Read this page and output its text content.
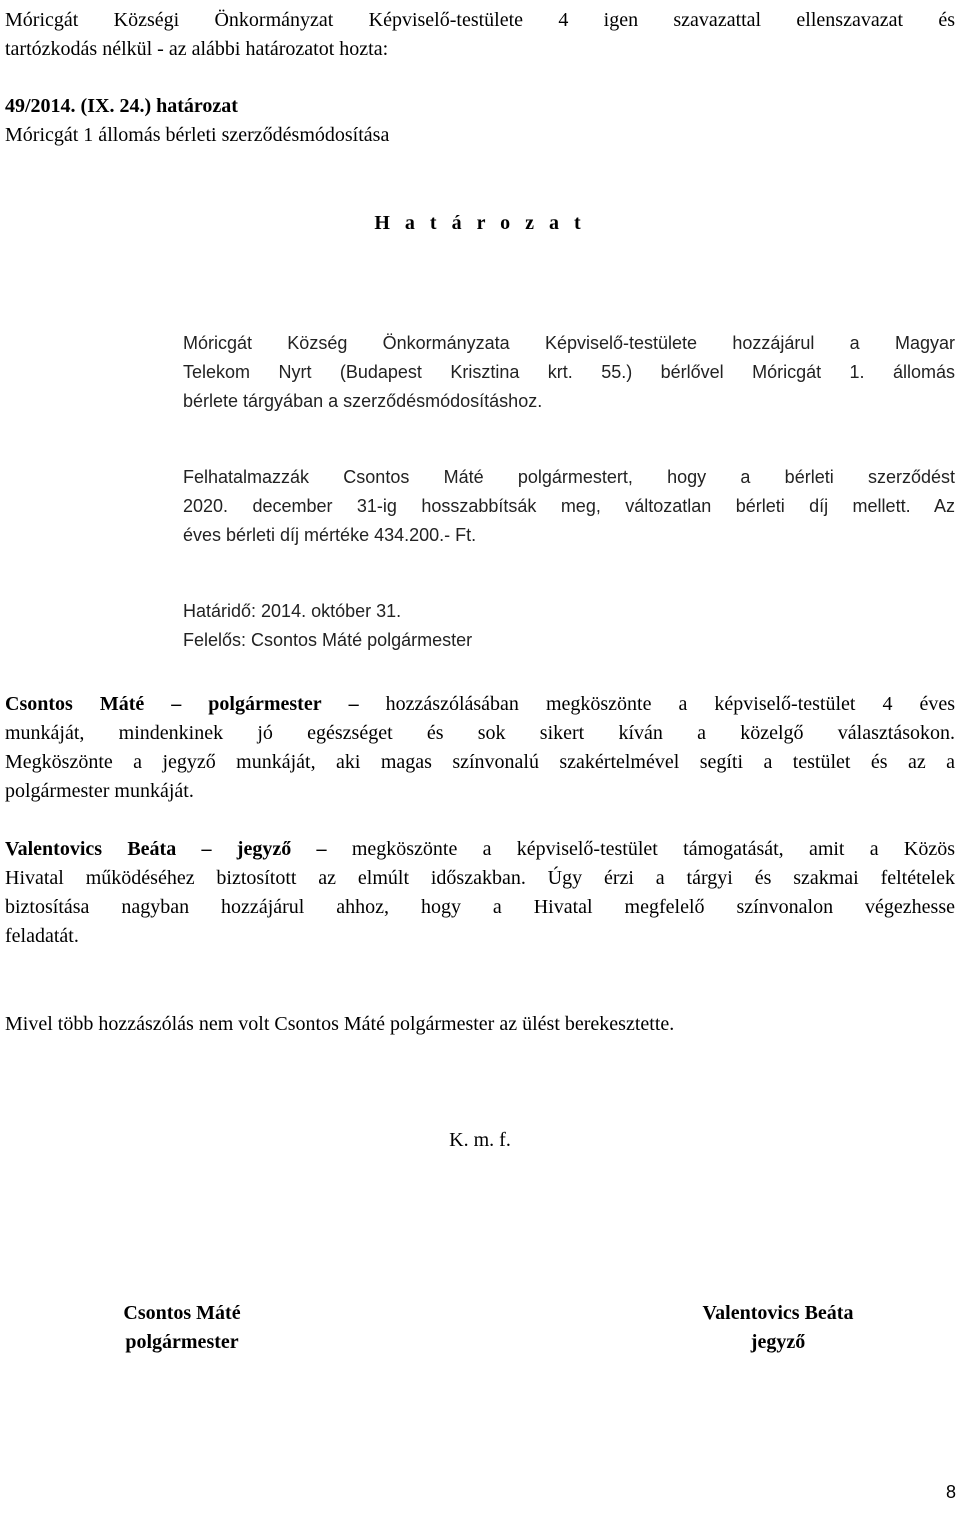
Móricgát Községi Önkormányzat Képviselő-testülete 4 igen szavazattal ellenszavazat és
tartózkodás nélkül - az alábbi határozatot hozta:
49/2014. (IX. 24.) határozat
Móricgát 1 állomás bérleti szerződésmódosítása
H a t á r o z a t
Móricgát Község Önkormányzata Képviselő-testülete hozzájárul a Magyar
Telekom Nyrt (Budapest Krisztina krt. 55.) bérlővel Móricgát 1. állomás
bérlete tárgyában a szerződésmódosításhoz.
Felhatalmazzák Csontos Máté polgármestert, hogy a bérleti szerződést
2020. december 31-ig hosszabbítsák meg, változatlan bérleti díj mellett. Az
éves bérleti díj mértéke 434.200.- Ft.
Határidő: 2014. október 31.
Felelős: Csontos Máté polgármester
Csontos Máté – polgármester – hozzászólásában megköszönte a képviselő-testület 4 éves
munkáját, mindenkinek jó egészséget és sok sikert kíván a közelgő választásokon.
Megköszönte a jegyző munkáját, aki magas színvonalú szakértelmével segíti a testület és az a
polgármester munkáját.
Valentovics Beáta – jegyző – megköszönte a képviselő-testület támogatását, amit a Közös
Hivatal működéséhez biztosított az elmúlt időszakban. Úgy érzi a tárgyi és szakmai feltételek
biztosítása nagyban hozzájárul ahhoz, hogy a Hivatal megfelelő színvonalon végezhesse
feladatát.
Mivel több hozzászólás nem volt Csontos Máté polgármester az ülést berekesztette.
K. m. f.
Csontos Máté
polgármester
Valentovics Beáta
jegyző
8
